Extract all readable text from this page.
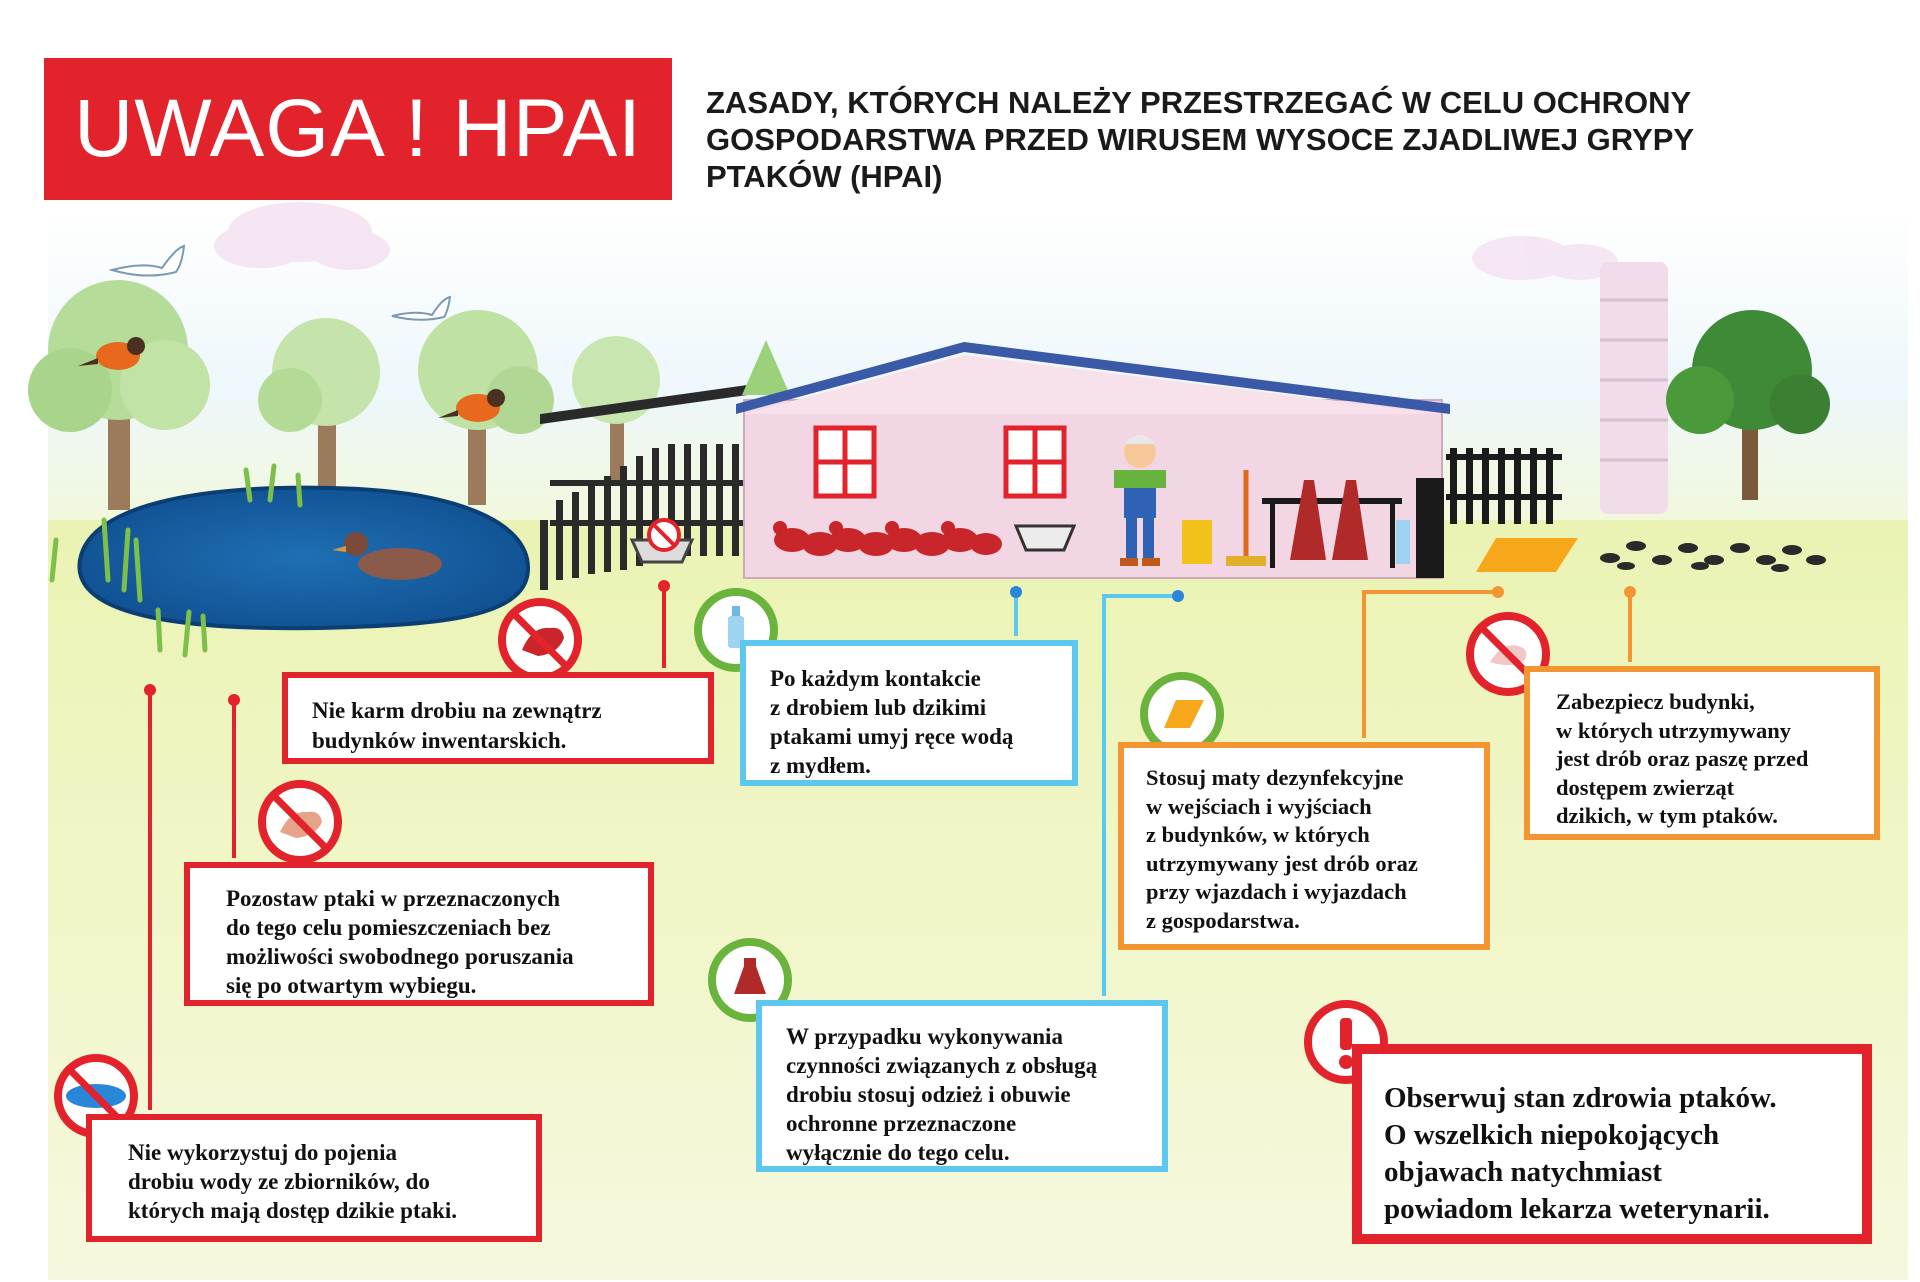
UWAGA ! HPAI	ZASADY, KTÓRYCH NALEŻY PRZESTRZEGAĆ W CELU OCHRONY
GOSPODARSTWA PRZED WIRUSEM WYSOCE ZJADLIWEJ GRYPY
PTAKÓW (HPAI)

Nie karm drobiu na zewnątrz

budynków inwentarskich.

Pozostaw ptaki w przeznaczonych

do tego celu pomieszczeniach bez

możliwości swobodnego poruszania

się po otwartym wybiegu.

Nie wykorzystuj do pojenia

drobiu wody ze zbiorników, do

których mają dostęp dzikie ptaki.

Po każdym kontakcie

z drobiem lub dzikimi

ptakami umyj ręce wodą

z mydłem.

W przypadku wykonywania

czynności związanych z obsługą

drobiu stosuj odzież i obuwie

ochronne przeznaczone

wyłącznie do tego celu.

Stosuj maty dezynfekcyjne

w wejściach i wyjściach

z budynków, w których

utrzymywany jest drób oraz

przy wjazdach i wyjazdach

z gospodarstwa.

Zabezpiecz budynki,

w których utrzymywany

jest drób oraz paszę przed

dostępem zwierząt

dzikich, w tym ptaków.

Obserwuj stan zdrowia ptaków.

O wszelkich niepokojących

objawach natychmiast

powiadom lekarza weterynarii.
